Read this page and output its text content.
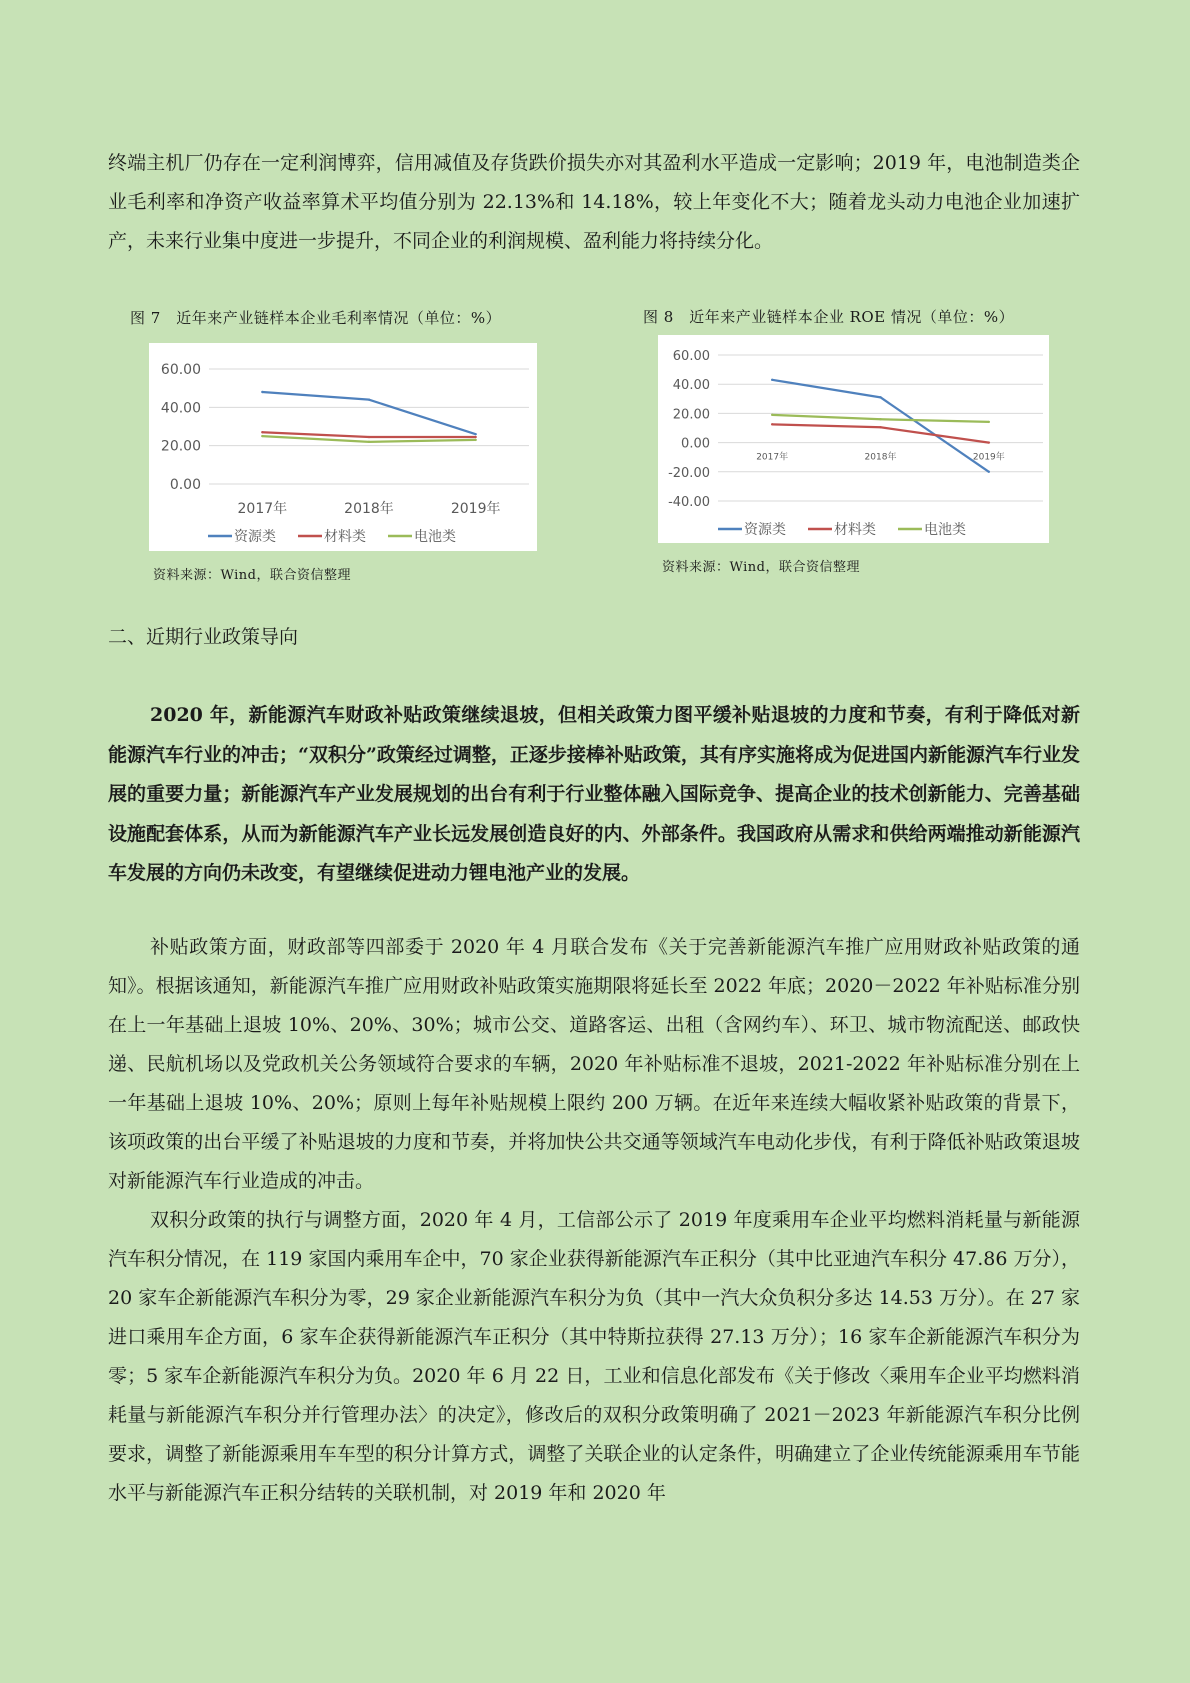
终端主机厂仍存在一定利润博弈，信用减值及存货跌价损失亦对其盈利水平造成一定影响；2019 年，电池制造类企业毛利率和净资产收益率算术平均值分别为 22.13%和 14.18%，较上年变化不大；随着龙头动力电池企业加速扩产，未来行业集中度进一步提升，不同企业的利润规模、盈利能力将持续分化。

图 7　近年来产业链样本企业毛利率情况（单位：%）
0.00
20.00
40.00
60.00
2017年	2018年	2019年
资源类	材料类	电池类
资料来源：Wind，联合资信整理
图 8　近年来产业链样本企业 ROE 情况（单位：%）
-40.00
-20.00
0.00
20.00
40.00
60.00
2017年	2018年	2019年
资源类	材料类	电池类
资料来源：Wind，联合资信整理
二、近期行业政策导向

2020 年，新能源汽车财政补贴政策继续退坡，但相关政策力图平缓补贴退坡的力度和节奏，有利于降低对新能源汽车行业的冲击；“双积分”政策经过调整，正逐步接棒补贴政策，其有序实施将成为促进国内新能源汽车行业发展的重要力量；新能源汽车产业发展规划的出台有利于行业整体融入国际竞争、提高企业的技术创新能力、完善基础设施配套体系，从而为新能源汽车产业长远发展创造良好的内、外部条件。我国政府从需求和供给两端推动新能源汽车发展的方向仍未改变，有望继续促进动力锂电池产业的发展。

补贴政策方面，财政部等四部委于 2020 年 4 月联合发布《关于完善新能源汽车推广应用财政补贴政策的通知》。根据该通知，新能源汽车推广应用财政补贴政策实施期限将延长至 2022 年底；2020－2022 年补贴标准分别在上一年基础上退坡 10%、20%、30%；城市公交、道路客运、出租（含网约车）、环卫、城市物流配送、邮政快递、民航机场以及党政机关公务领域符合要求的车辆，2020 年补贴标准不退坡，2021-2022 年补贴标准分别在上一年基础上退坡 10%、20%；原则上每年补贴规模上限约 200 万辆。在近年来连续大幅收紧补贴政策的背景下，该项政策的出台平缓了补贴退坡的力度和节奏，并将加快公共交通等领域汽车电动化步伐，有利于降低补贴政策退坡对新能源汽车行业造成的冲击。

双积分政策的执行与调整方面，2020 年 4 月，工信部公示了 2019 年度乘用车企业平均燃料消耗量与新能源汽车积分情况，在 119 家国内乘用车企中，70 家企业获得新能源汽车正积分（其中比亚迪汽车积分 47.86 万分），20 家车企新能源汽车积分为零，29 家企业新能源汽车积分为负（其中一汽大众负积分多达 14.53 万分）。在 27 家进口乘用车企方面，6 家车企获得新能源汽车正积分（其中特斯拉获得 27.13 万分）；16 家车企新能源汽车积分为零；5 家车企新能源汽车积分为负。2020 年 6 月 22 日，工业和信息化部发布《关于修改〈乘用车企业平均燃料消耗量与新能源汽车积分并行管理办法〉的决定》，修改后的双积分政策明确了 2021－2023 年新能源汽车积分比例要求，调整了新能源乘用车车型的积分计算方式，调整了关联企业的认定条件，明确建立了企业传统能源乘用车节能水平与新能源汽车正积分结转的关联机制，对 2019 年和 2020 年
